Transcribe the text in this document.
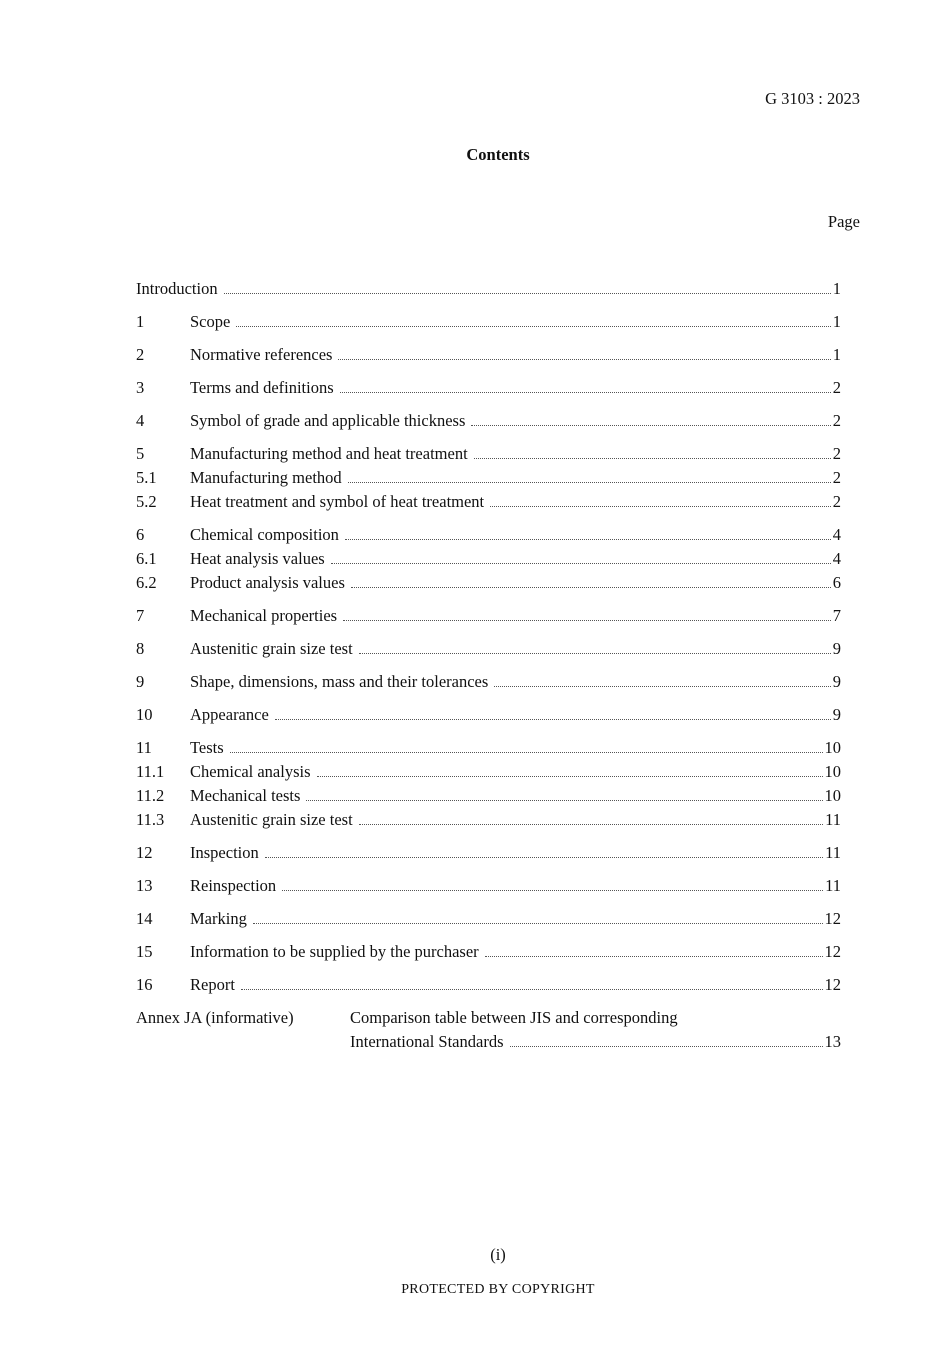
G 3103 : 2023
Contents
Page
Introduction	1
1	Scope	1
2	Normative references	1
3	Terms and definitions	2
4	Symbol of grade and applicable thickness	2
5	Manufacturing method and heat treatment	2
5.1	Manufacturing method	2
5.2	Heat treatment and symbol of heat treatment	2
6	Chemical composition	4
6.1	Heat analysis values	4
6.2	Product analysis values	6
7	Mechanical properties	7
8	Austenitic grain size test	9
9	Shape, dimensions, mass and their tolerances	9
10	Appearance	9
11	Tests	10
11.1	Chemical analysis	10
11.2	Mechanical tests	10
11.3	Austenitic grain size test	11
12	Inspection	11
13	Reinspection	11
14	Marking	12
15	Information to be supplied by the purchaser	12
16	Report	12
Annex JA (informative)	Comparison table between JIS and corresponding
International Standards	13
(i)
PROTECTED BY COPYRIGHT
